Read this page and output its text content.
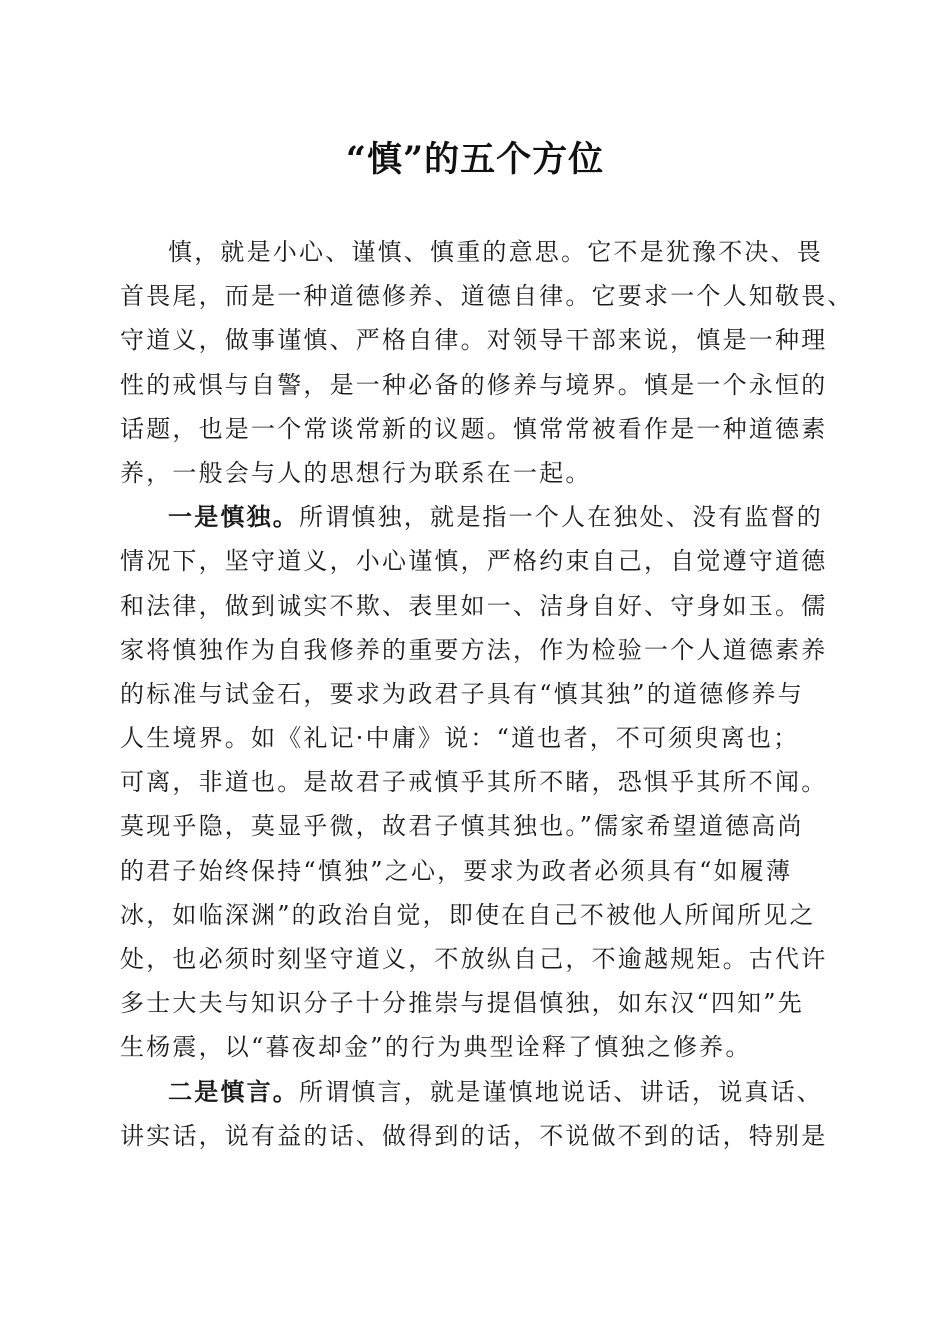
“慎”的五个方位
慎，就是小心、谨慎、慎重的意思。它不是犹豫不决、畏
首畏尾，而是一种道德修养、道德自律。它要求一个人知敬畏、
守道义，做事谨慎、严格自律。对领导干部来说，慎是一种理
性的戒惧与自警，是一种必备的修养与境界。慎是一个永恒的
话题，也是一个常谈常新的议题。慎常常被看作是一种道德素
养，一般会与人的思想行为联系在一起。
一是慎独。所谓慎独，就是指一个人在独处、没有监督的
情况下，坚守道义，小心谨慎，严格约束自己，自觉遵守道德
和法律，做到诚实不欺、表里如一、洁身自好、守身如玉。儒
家将慎独作为自我修养的重要方法，作为检验一个人道德素养
的标准与试金石，要求为政君子具有“慎其独”的道德修养与
人生境界。如《礼记·中庸》说：“道也者，不可须臾离也；
可离，非道也。是故君子戒慎乎其所不睹，恐惧乎其所不闻。
莫现乎隐，莫显乎微，故君子慎其独也。”儒家希望道德高尚
的君子始终保持“慎独”之心，要求为政者必须具有“如履薄
冰，如临深渊”的政治自觉，即使在自己不被他人所闻所见之
处，也必须时刻坚守道义，不放纵自己，不逾越规矩。古代许
多士大夫与知识分子十分推崇与提倡慎独，如东汉“四知”先
生杨震，以“暮夜却金”的行为典型诠释了慎独之修养。
二是慎言。所谓慎言，就是谨慎地说话、讲话，说真话、
讲实话，说有益的话、做得到的话，不说做不到的话，特别是
